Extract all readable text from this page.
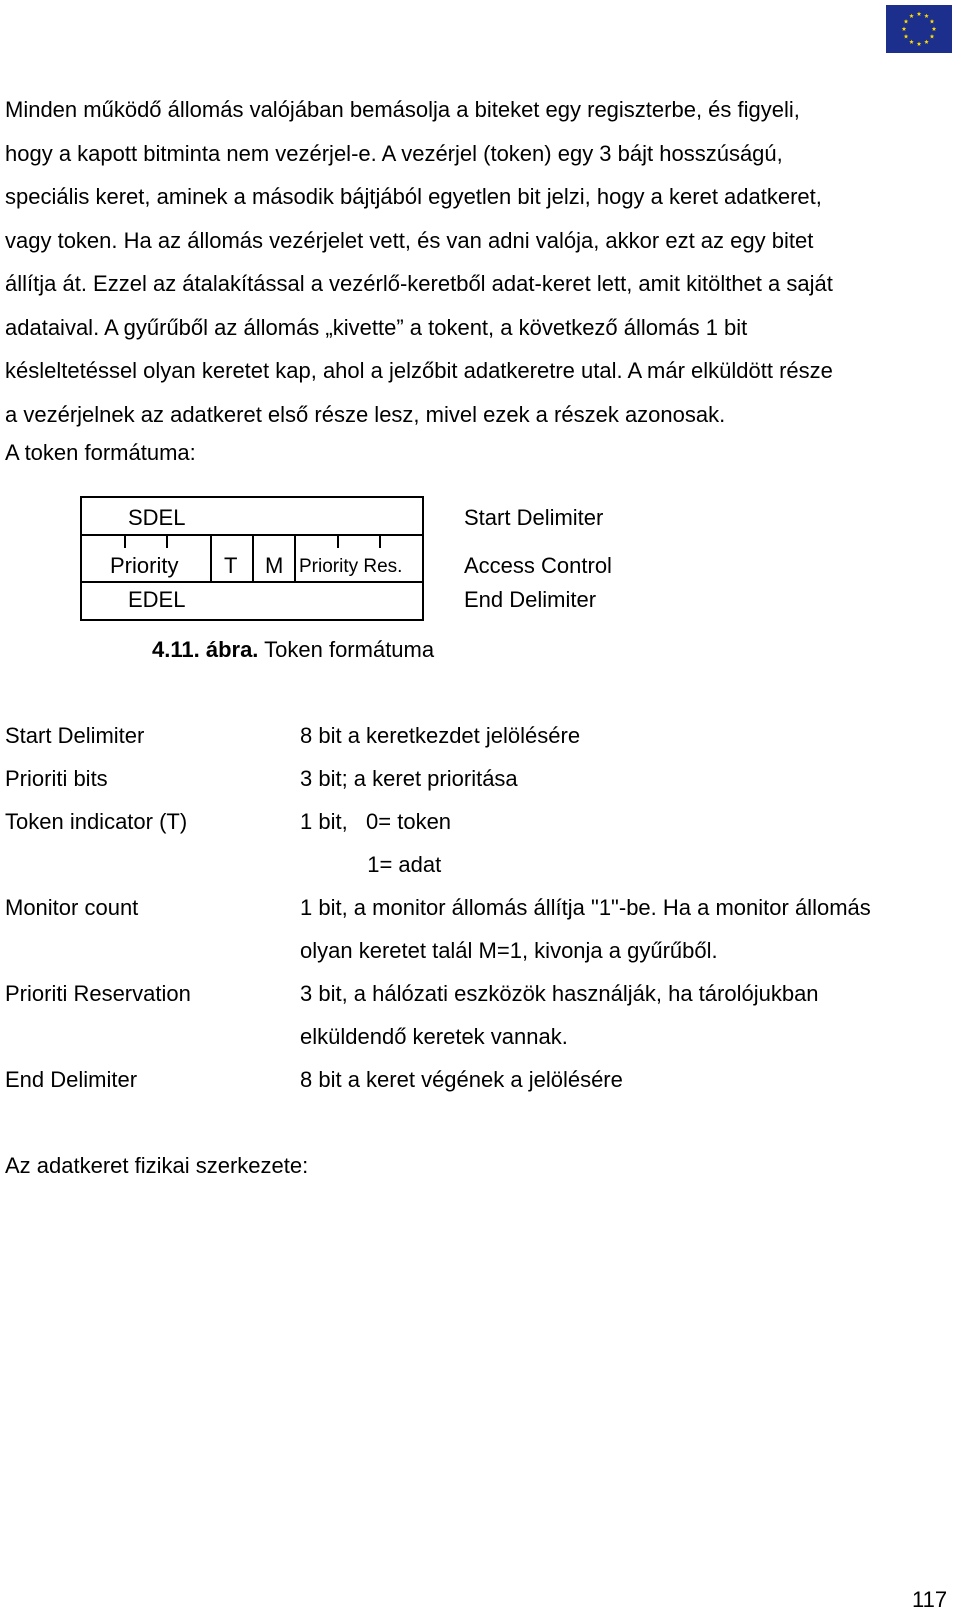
Minden működő állomás valójában bemásolja a biteket egy regiszterbe, és figyeli,
hogy a kapott bitminta nem vezérjel-e. A vezérjel (token) egy 3 bájt hosszúságú,
speciális keret, aminek a második bájtjából egyetlen bit jelzi, hogy a keret adatkeret,
vagy token. Ha az állomás vezérjelet vett, és van adni valója, akkor ezt az egy bitet
állítja át. Ezzel az átalakítással a vezérlő-keretből adat-keret lett, amit kitölthet a saját
adataival. A gyűrűből az állomás „kivette” a tokent, a következő állomás 1 bit
késleltetéssel olyan keretet kap, ahol a jelzőbit adatkeretre utal. A már elküldött része
a vezérjelnek az adatkeret első része lesz, mivel ezek a részek azonosak.
A token formátuma:
SDEL
Priority T M Priority Res.
EDEL
Start Delimiter
Access Control
End Delimiter
4.11. ábra. Token formátuma
Start Delimiter	8 bit a keretkezdet jelölésére
Prioriti bits	3 bit; a keret prioritása
Token indicator (T)	1 bit,   0= token
1= adat
Monitor count	1 bit, a monitor állomás állítja "1"-be. Ha a monitor állomás
olyan keretet talál M=1, kivonja a gyűrűből.
Prioriti Reservation	3 bit, a hálózati eszközök használják, ha tárolójukban
elküldendő keretek vannak.
End Delimiter	8 bit a keret végének a jelölésére
Az adatkeret fizikai szerkezete:
117
